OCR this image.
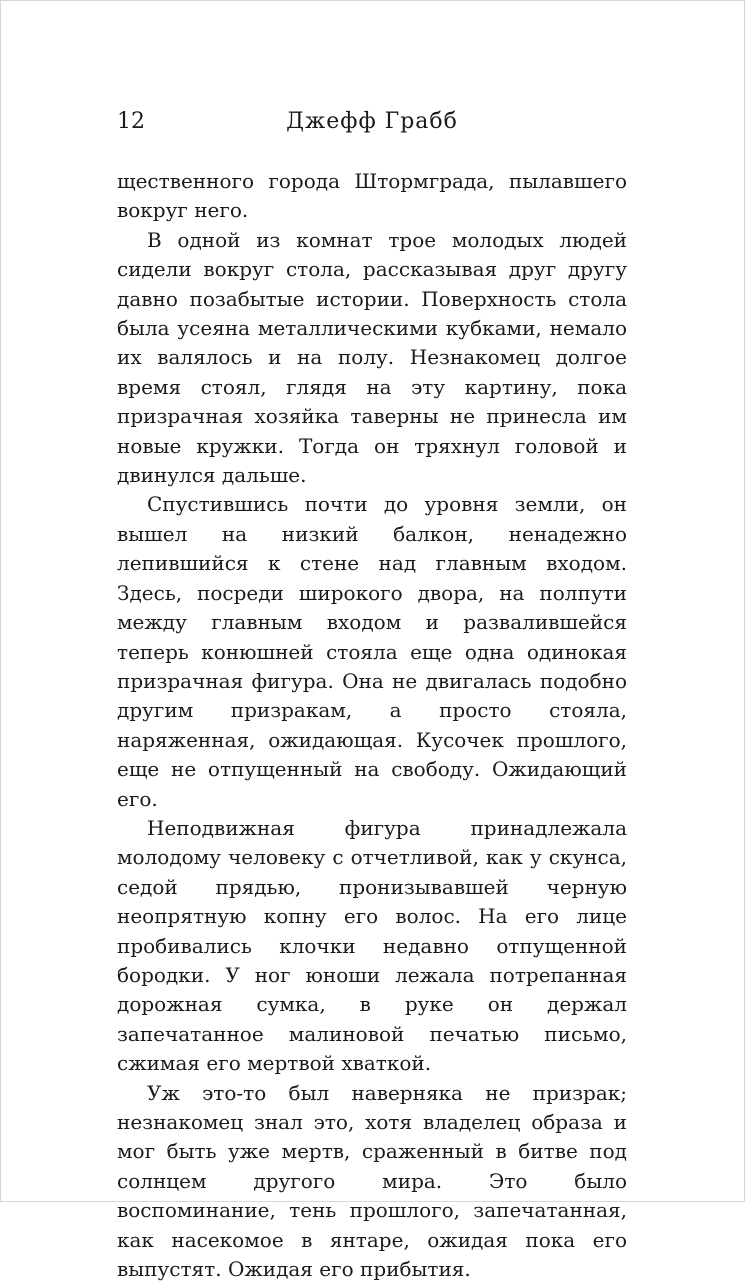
12	Джефф Грабб

щественного города Штормграда, пылавшего вокруг него.

В одной из комнат трое молодых людей сидели вокруг стола, рассказывая друг другу давно позабытые истории. Поверхность стола была усеяна металлическими кубками, немало их валялось и на полу. Незнакомец долгое время стоял, глядя на эту картину, пока призрачная хозяйка таверны не принесла им новые кружки. Тогда он тряхнул головой и двинулся дальше.

Спустившись почти до уровня земли, он вышел на низкий балкон, ненадежно лепившийся к стене над главным входом. Здесь, посреди широкого двора, на полпути между главным входом и развалившейся теперь конюшней стояла еще одна одинокая призрачная фигура. Она не двигалась подобно другим призракам, а просто стояла, наряженная, ожидающая. Кусочек прошлого, еще не отпущенный на свободу. Ожидающий его.

Неподвижная фигура принадлежала молодому человеку с отчетливой, как у скунса, седой прядью, пронизывавшей черную неопрятную копну его волос. На его лице пробивались клочки недавно отпущенной бородки. У ног юноши лежала потрепанная дорожная сумка, в руке он держал запечатанное малиновой печатью письмо, сжимая его мертвой хваткой.

Уж это-то был наверняка не призрак; незнакомец знал это, хотя владелец образа и мог быть уже мертв, сраженный в битве под солнцем другого мира. Это было воспоминание, тень прошлого, запечатанная, как насекомое в янтаре, ожидая пока его выпустят. Ожидая его прибытия.
